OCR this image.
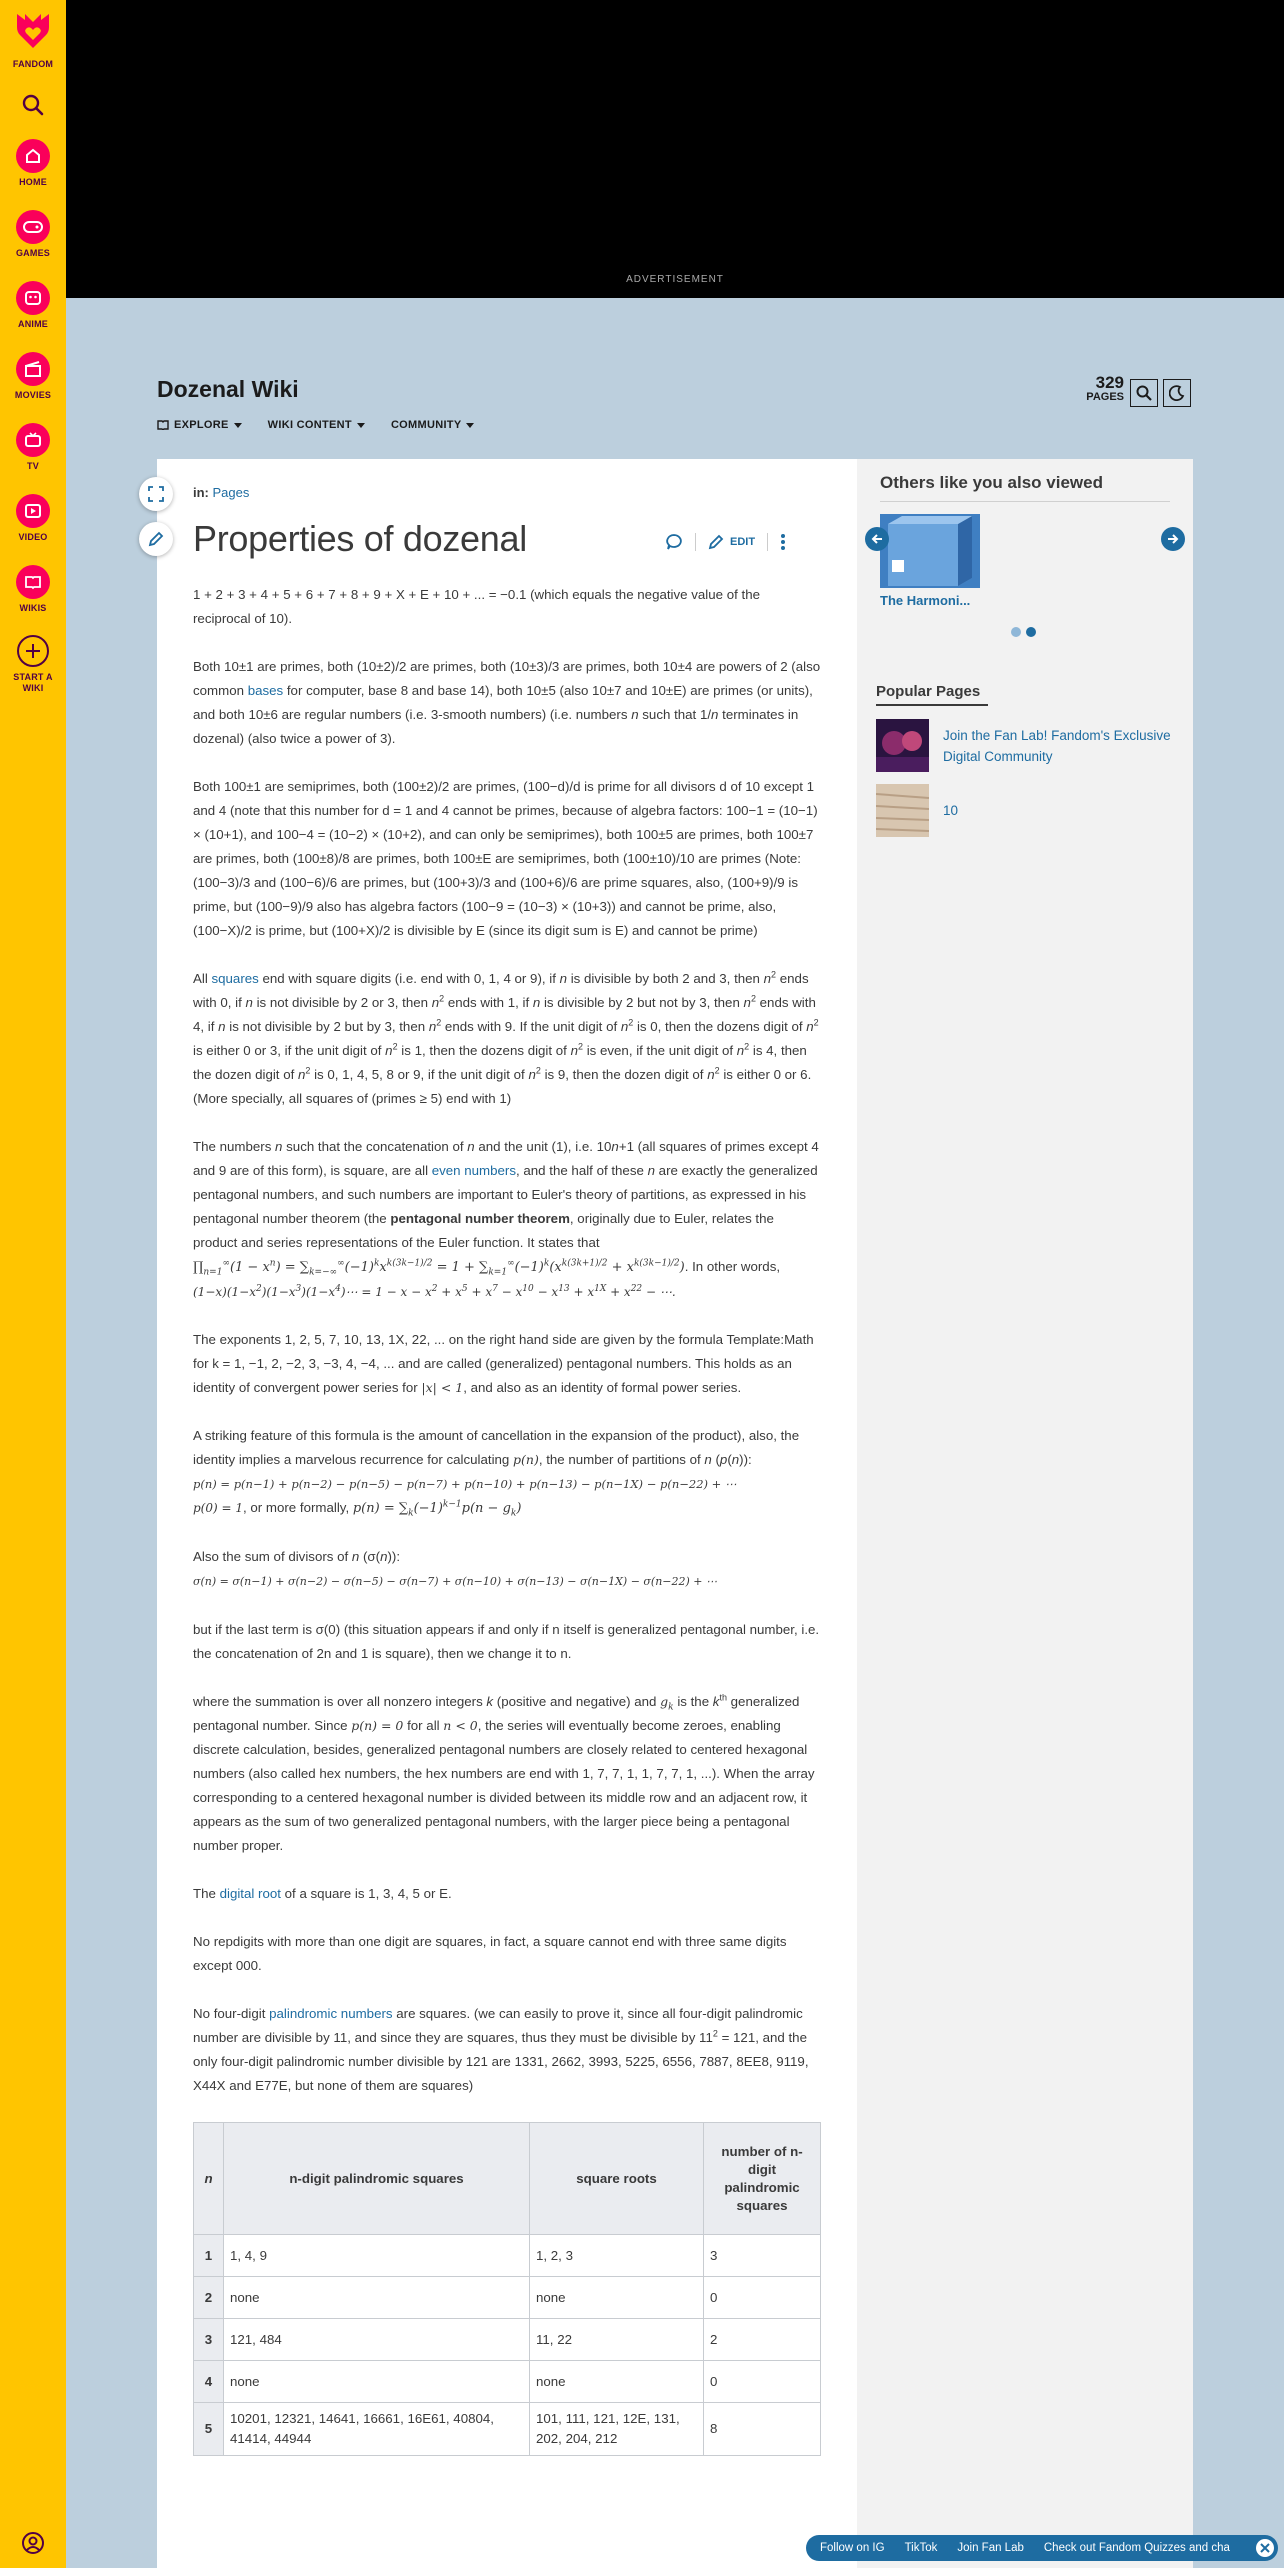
FANDOM
HOME
GAMES
ANIME
MOVIES
TV
VIDEO
WIKIS
START A WIKI
ADVERTISEMENT
Dozenal Wiki
EXPLORE	WIKI CONTENT	COMMUNITY
329
PAGES
in: Pages
Properties of dozenal	EDIT

1 + 2 + 3 + 4 + 5 + 6 + 7 + 8 + 9 + X + E + 10 + ... = −0.1 (which equals the negative value of the reciprocal of 10).

Both 10±1 are primes, both (10±2)/2 are primes, both (10±3)/3 are primes, both 10±4 are powers of 2 (also common bases for computer, base 8 and base 14), both 10±5 (also 10±7 and 10±E) are primes (or units), and both 10±6 are regular numbers (i.e. 3-smooth numbers) (i.e. numbers n such that 1/n terminates in dozenal) (also twice a power of 3).

Both 100±1 are semiprimes, both (100±2)/2 are primes, (100−d)/d is prime for all divisors d of 10 except 1 and 4 (note that this number for d = 1 and 4 cannot be primes, because of algebra factors: 100−1 = (10−1) × (10+1), and 100−4 = (10−2) × (10+2), and can only be semiprimes), both 100±5 are primes, both 100±7 are primes, both (100±8)/8 are primes, both 100±E are semiprimes, both (100±10)/10 are primes (Note: (100−3)/3 and (100−6)/6 are primes, but (100+3)/3 and (100+6)/6 are prime squares, also, (100+9)/9 is prime, but (100−9)/9 also has algebra factors (100−9 = (10−3) × (10+3)) and cannot be prime, also, (100−X)/2 is prime, but (100+X)/2 is divisible by E (since its digit sum is E) and cannot be prime)

All squares end with square digits (i.e. end with 0, 1, 4 or 9), if n is divisible by both 2 and 3, then $n^2$ ends with 0, if n is not divisible by 2 or 3, then $n^2$ ends with 1, if n is divisible by 2 but not by 3, then $n^2$ ends with 4, if n is not divisible by 2 but by 3, then $n^2$ ends with 9. If the unit digit of $n^2$ is 0, then the dozens digit of $n^2$ is either 0 or 3, if the unit digit of $n^2$ is 1, then the dozens digit of $n^2$ is even, if the unit digit of $n^2$ is 4, then the dozen digit of $n^2$ is 0, 1, 4, 5, 8 or 9, if the unit digit of $n^2$ is 9, then the dozen digit of $n^2$ is either 0 or 6. (More specially, all squares of (primes ≥ 5) end with 1)

The numbers n such that the concatenation of n and the unit (1), i.e. 10n+1 (all squares of primes except 4 and 9 are of this form), is square, are all even numbers, and the half of these n are exactly the generalized pentagonal numbers, and such numbers are important to Euler's theory of partitions, as expressed in his pentagonal number theorem (the pentagonal number theorem, originally due to Euler, relates the product and series representations of the Euler function. It states that $\prod_{n=1}^\infty(1 - x^n) = \sum_{k=-\infty}^\infty(-1)^kx^{k(3k-1)/2} = 1 + \sum_{k=1}^\infty(-1)^k(x^{k(3k+1)/2} + x^{k(3k-1)/2})$. In other words, $(1-x)(1-x^2)(1-x^3)(1-x^4)\cdots = 1 - x - x^2 + x^5 + x^7 - x^{10} - x^{13} + x^{1X} + x^{22}$ − ⋯.

The exponents 1, 2, 5, 7, 10, 13, 1X, 22, ... on the right hand side are given by the formula Template:Math for k = 1, −1, 2, −2, 3, −3, 4, −4, ... and are called (generalized) pentagonal numbers. This holds as an identity of convergent power series for |x| < 1, and also as an identity of formal power series.

A striking feature of this formula is the amount of cancellation in the expansion of the product), also, the identity implies a marvelous recurrence for calculating p(n), the number of partitions of n (p(n)):
p(n) = p(n−1) + p(n−2) − p(n−5) − p(n−7) + p(n−10) + p(n−13) − p(n−1X) − p(n−22) + ⋯
p(0) = 1, or more formally, $p(n) = \sum_k(-1)^{k-1}p(n - g_k)$

Also the sum of divisors of n (σ(n)):
σ(n) = σ(n−1) + σ(n−2) − σ(n−5) − σ(n−7) + σ(n−10) + σ(n−13) − σ(n−1X) − σ(n−22) + ⋯

but if the last term is σ(0) (this situation appears if and only if n itself is generalized pentagonal number, i.e. the concatenation of 2n and 1 is square), then we change it to n.

where the summation is over all nonzero integers k (positive and negative) and $g_k$ is the $k^{th}$ generalized pentagonal number. Since p(n) = 0 for all n < 0, the series will eventually become zeroes, enabling discrete calculation, besides, generalized pentagonal numbers are closely related to centered hexagonal numbers (also called hex numbers, the hex numbers are end with 1, 7, 7, 1, 1, 7, 7, 1, ...). When the array corresponding to a centered hexagonal number is divided between its middle row and an adjacent row, it appears as the sum of two generalized pentagonal numbers, with the larger piece being a pentagonal number proper.

The digital root of a square is 1, 3, 4, 5 or E.

No repdigits with more than one digit are squares, in fact, a square cannot end with three same digits except 000.

No four-digit palindromic numbers are squares. (we can easily to prove it, since all four-digit palindromic number are divisible by 11, and since they are squares, thus they must be divisible by $11^2 = 121$, and the only four-digit palindromic number divisible by 121 are 1331, 2662, 3993, 5225, 6556, 7887, 8EE8, 9119, X44X and E77E, but none of them are squares)

n	n-digit palindromic squares	square roots	number of n-digit palindromic squares
1	1, 4, 9	1, 2, 3	3
2	none	none	0
3	121, 484	11, 22	2
4	none	none	0
5	10201, 12321, 14641, 16661, 16E61, 40804, 41414, 44944	101, 111, 121, 12E, 131, 202, 204, 212	8
Others like you also viewed
The Harmoni...
Popular Pages
Join the Fan Lab! Fandom's Exclusive Digital Community
10
Follow on IG TikTok Join Fan Lab Check out Fandom Quizzes and cha
